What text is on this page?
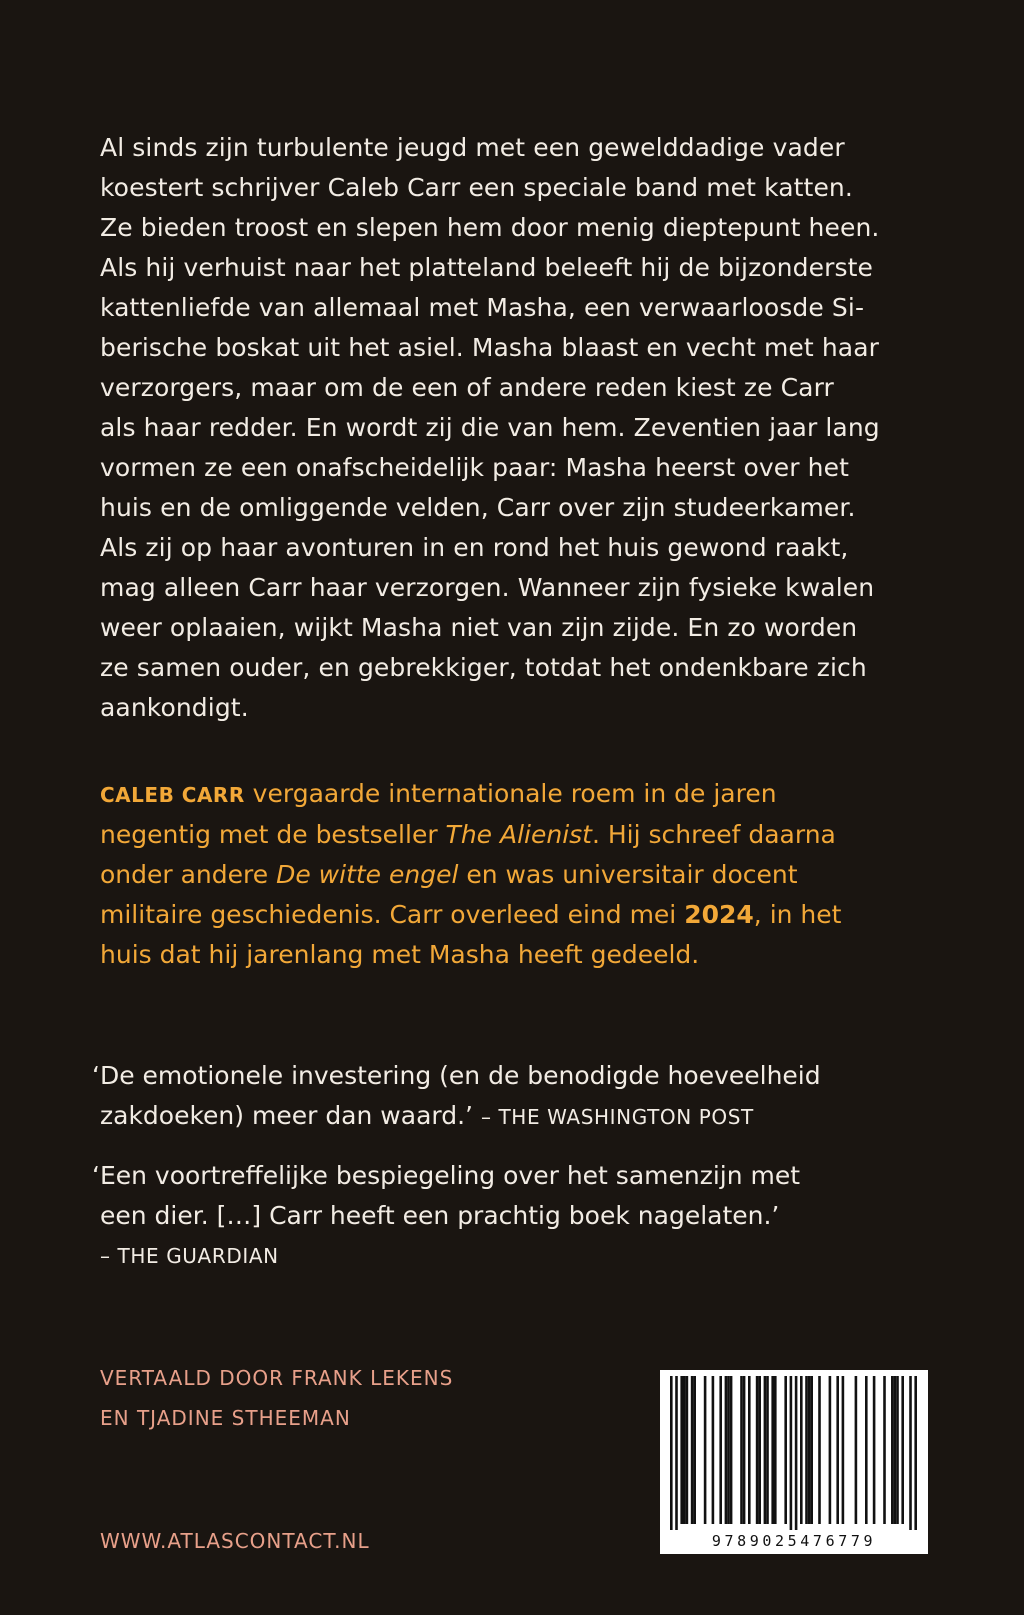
Al sinds zijn turbulente jeugd met een gewelddadige vader
koestert schrijver Caleb Carr een speciale band met katten.
Ze bieden troost en slepen hem door menig dieptepunt heen.
Als hij verhuist naar het platteland beleeft hij de bijzonderste
kattenliefde van allemaal met Masha, een verwaarloosde Si-
berische boskat uit het asiel. Masha blaast en vecht met haar
verzorgers, maar om de een of andere reden kiest ze Carr
als haar redder. En wordt zij die van hem. Zeventien jaar lang
vormen ze een onafscheidelijk paar: Masha heerst over het
huis en de omliggende velden, Carr over zijn studeerkamer.
Als zij op haar avonturen in en rond het huis gewond raakt,
mag alleen Carr haar verzorgen. Wanneer zijn fysieke kwalen
weer oplaaien, wijkt Masha niet van zijn zijde. En zo worden
ze samen ouder, en gebrekkiger, totdat het ondenkbare zich
aankondigt.
CALEB CARR vergaarde internationale roem in de jaren
negentig met de bestseller The Alienist. Hij schreef daarna
onder andere De witte engel en was universitair docent
militaire geschiedenis. Carr overleed eind mei 2024, in het
huis dat hij jarenlang met Masha heeft gedeeld.
‘De emotionele investering (en de benodigde hoeveelheid
zakdoeken) meer dan waard.’ – THE WASHINGTON POST
‘Een voortreffelijke bespiegeling over het samenzijn met
een dier. […] Carr heeft een prachtig boek nagelaten.’
– THE GUARDIAN
VERTAALD DOOR FRANK LEKENS
EN TJADINE STHEEMAN
WWW.ATLASCONTACT.NL	9789025476779
